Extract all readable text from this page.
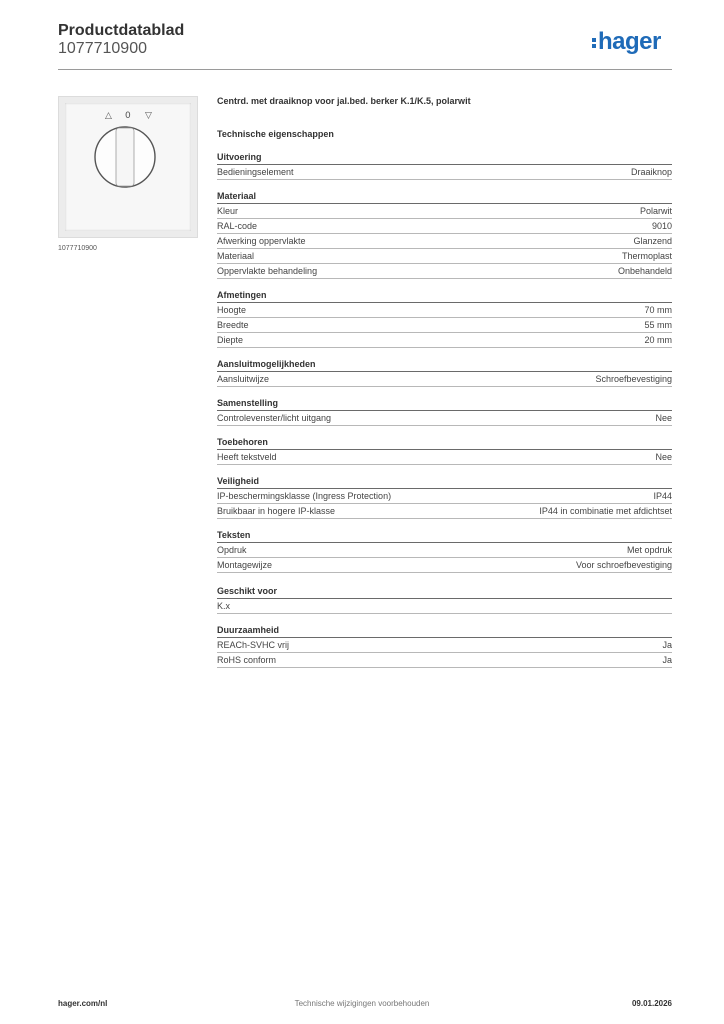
Productdatablad
1077710900	hager
△ 0 ▽
1077710900
Centrd. met draaiknop voor jal.bed. berker K.1/K.5, polarwit
Technische eigenschappen
Uitvoering
Bedieningselement	Draaiknop
Materiaal
Kleur	Polarwit
RAL-code	9010
Afwerking oppervlakte	Glanzend
Materiaal	Thermoplast
Oppervlakte behandeling	Onbehandeld
Afmetingen
Hoogte	70 mm
Breedte	55 mm
Diepte	20 mm
Aansluitmogelijkheden
Aansluitwijze	Schroefbevestiging
Samenstelling
Controlevenster/licht uitgang	Nee
Toebehoren
Heeft tekstveld	Nee
Veiligheid
IP-beschermingsklasse (Ingress Protection)	IP44
Bruikbaar in hogere IP-klasse	IP44 in combinatie met afdichtset
Teksten
Opdruk	Met opdruk
Montagewijze	Voor schroefbevestiging
Geschikt voor
K.x
Duurzaamheid
REACh-SVHC vrij	Ja
RoHS conform	Ja
hager.com/nl	Technische wijzigingen voorbehouden	09.01.2026
